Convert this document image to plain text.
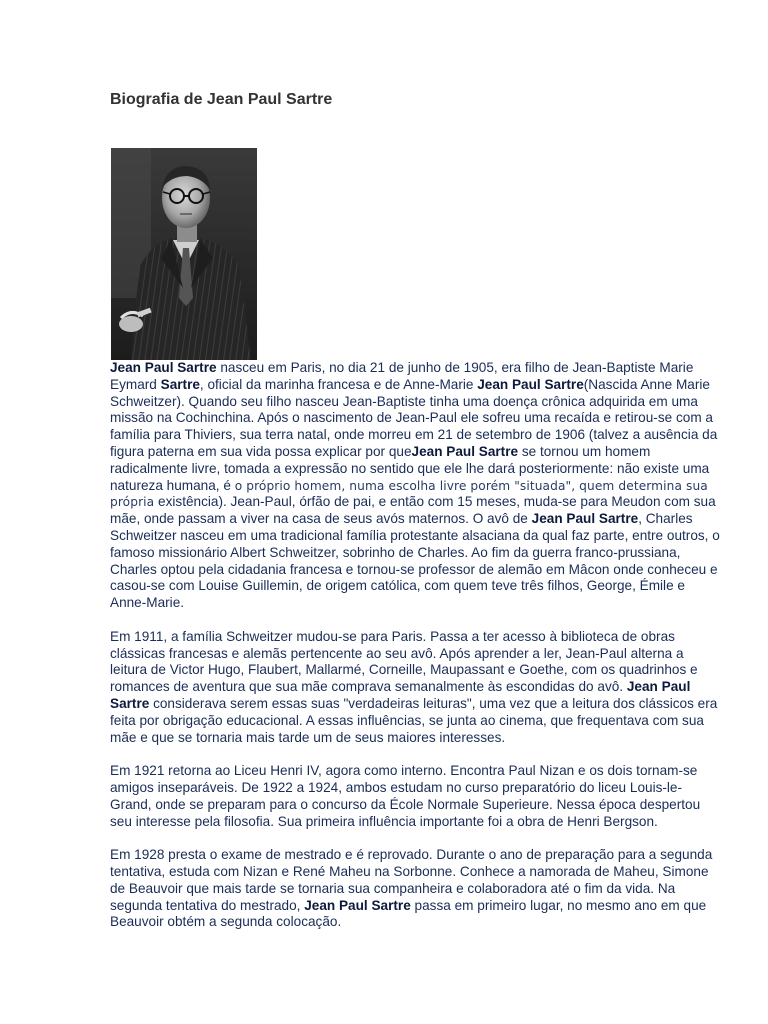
Biografia de Jean Paul Sartre

Jean Paul Sartre nasceu em Paris, no dia 21 de junho de 1905, era filho de Jean-Baptiste Marie Eymard Sartre, oficial da marinha francesa e de Anne-Marie Jean Paul Sartre(Nascida Anne Marie Schweitzer). Quando seu filho nasceu Jean-Baptiste tinha uma doença crônica adquirida em uma missão na Cochinchina. Após o nascimento de Jean-Paul ele sofreu uma recaída e retirou-se com a família para Thiviers, sua terra natal, onde morreu em 21 de setembro de 1906 (talvez a ausência da figura paterna em sua vida possa explicar por queJean Paul Sartre se tornou um homem radicalmente livre, tomada a expressão no sentido que ele lhe dará posteriormente: não existe uma natureza humana, é o próprio homem, numa escolha livre porém "situada", quem determina sua própria existência). Jean-Paul, órfão de pai, e então com 15 meses, muda-se para Meudon com sua mãe, onde passam a viver na casa de seus avós maternos. O avô de Jean Paul Sartre, Charles Schweitzer nasceu em uma tradicional família protestante alsaciana da qual faz parte, entre outros, o famoso missionário Albert Schweitzer, sobrinho de Charles. Ao fim da guerra franco-prussiana, Charles optou pela cidadania francesa e tornou-se professor de alemão em Mâcon onde conheceu e casou-se com Louise Guillemin, de origem católica, com quem teve três filhos, George, Émile e Anne-Marie.

Em 1911, a família Schweitzer mudou-se para Paris. Passa a ter acesso à biblioteca de obras clássicas francesas e alemãs pertencente ao seu avô. Após aprender a ler, Jean-Paul alterna a leitura de Victor Hugo, Flaubert, Mallarmé, Corneille, Maupassant e Goethe, com os quadrinhos e romances de aventura que sua mãe comprava semanalmente às escondidas do avô. Jean Paul Sartre considerava serem essas suas "verdadeiras leituras", uma vez que a leitura dos clássicos era feita por obrigação educacional. A essas influências, se junta ao cinema, que frequentava com sua mãe e que se tornaria mais tarde um de seus maiores interesses.

Em 1921 retorna ao Liceu Henri IV, agora como interno. Encontra Paul Nizan e os dois tornam-se amigos inseparáveis. De 1922 a 1924, ambos estudam no curso preparatório do liceu Louis-le-Grand, onde se preparam para o concurso da École Normale Superieure. Nessa época despertou seu interesse pela filosofia. Sua primeira influência importante foi a obra de Henri Bergson.

Em 1928 presta o exame de mestrado e é reprovado. Durante o ano de preparação para a segunda tentativa, estuda com Nizan e René Maheu na Sorbonne. Conhece a namorada de Maheu, Simone de Beauvoir que mais tarde se tornaria sua companheira e colaboradora até o fim da vida. Na segunda tentativa do mestrado, Jean Paul Sartre passa em primeiro lugar, no mesmo ano em que Beauvoir obtém a segunda colocação.
